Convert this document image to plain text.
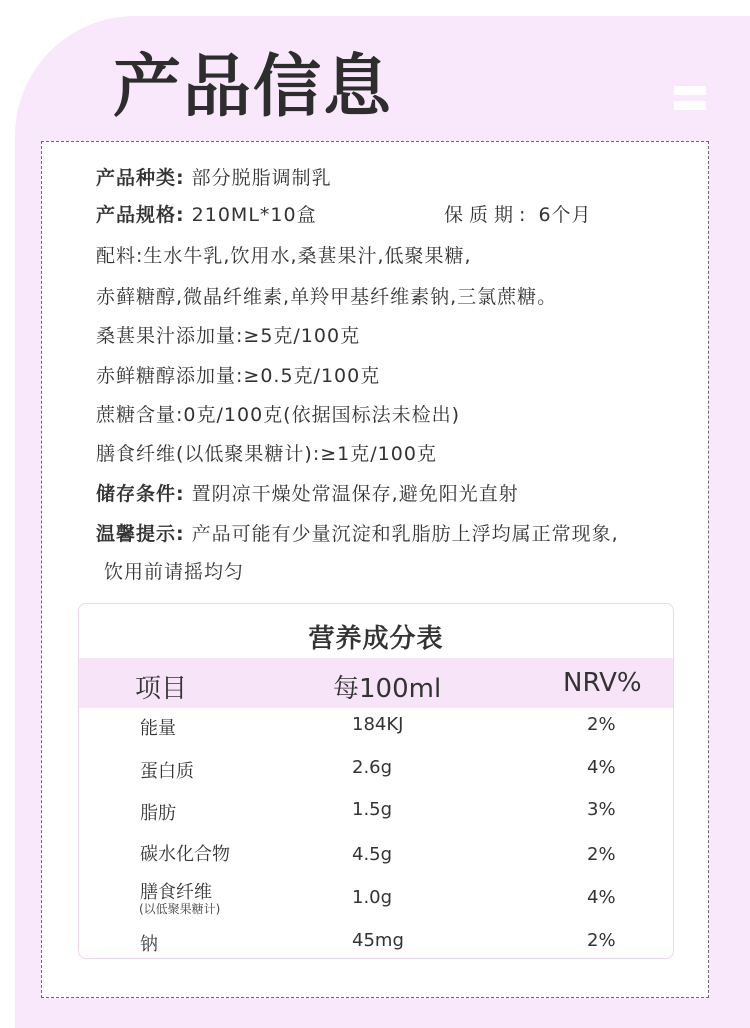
产品信息
产品种类: 部分脱脂调制乳
产品规格: 210ML*10盒	保质期: 6个月
配料:生水牛乳,饮用水,桑葚果汁,低聚果糖,
赤藓糖醇,微晶纤维素,单羚甲基纤维素钠,三氯蔗糖。
桑葚果汁添加量:≥5克/100克
赤鲜糖醇添加量:≥0.5克/100克
蔗糖含量:0克/100克(依据国标法未检出)
膳食纤维(以低聚果糖计):≥1克/100克
储存条件: 置阴凉干燥处常温保存,避免阳光直射
温馨提示: 产品可能有少量沉淀和乳脂肪上浮均属正常现象,
饮用前请摇均匀
营养成分表
项目	每100ml	NRV%
能量	184KJ	2%
蛋白质	2.6g	4%
脂肪	1.5g	3%
碳水化合物	4.5g	2%
膳食纤维
(以低聚果糖计)
1.0g	4%
钠	45mg	2%
